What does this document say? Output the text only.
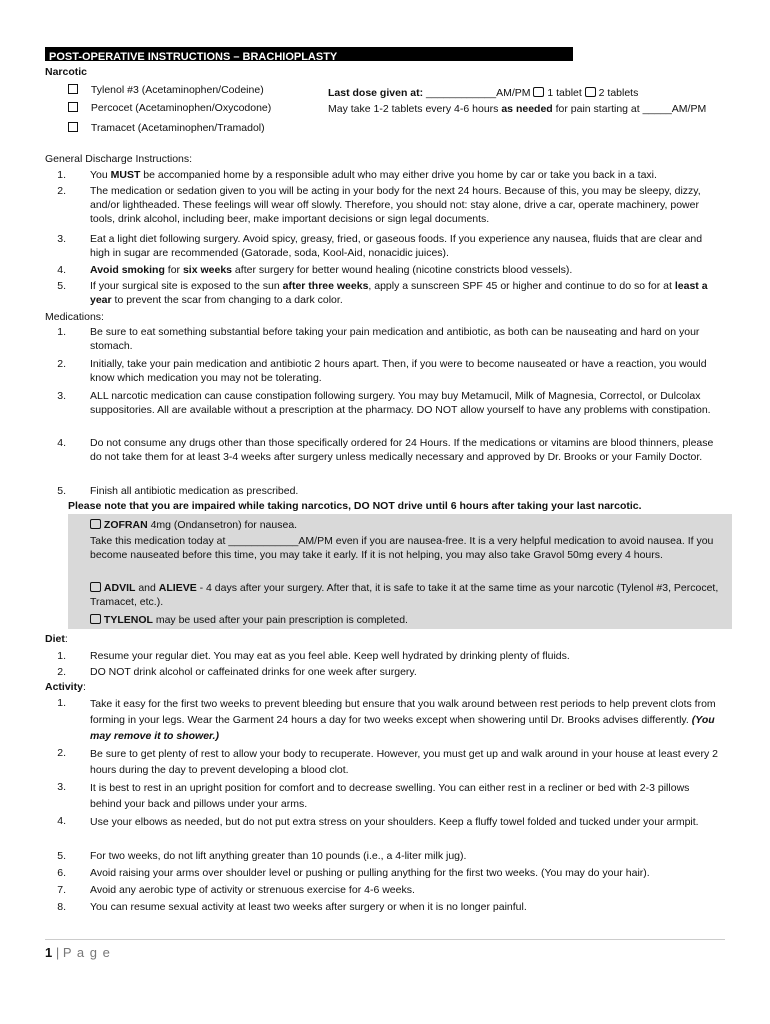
POST-OPERATIVE INSTRUCTIONS – BRACHIOPLASTY
Narcotic
Tylenol #3 (Acetaminophen/Codeine)
Percocet (Acetaminophen/Oxycodone)
Tramacet (Acetaminophen/Tramadol)
Last dose given at: ____________AM/PM  1 tablet 2 tablets
May take 1-2 tablets every 4-6 hours as needed for pain starting at _____AM/PM
General Discharge Instructions:
1. You MUST be accompanied home by a responsible adult who may either drive you home by car or take you back in a taxi.
2. The medication or sedation given to you will be acting in your body for the next 24 hours. Because of this, you may be sleepy, dizzy, and/or lightheaded. These feelings will wear off slowly. Therefore, you should not: stay alone, drive a car, operate machinery, power tools, drink alcohol, including beer, make important decisions or sign legal documents.
3. Eat a light diet following surgery. Avoid spicy, greasy, fried, or gaseous foods. If you experience any nausea, fluids that are clear and high in sugar are recommended (Gatorade, soda, Kool-Aid, nonacidic juices).
4. Avoid smoking for six weeks after surgery for better wound healing (nicotine constricts blood vessels).
5. If your surgical site is exposed to the sun after three weeks, apply a sunscreen SPF 45 or higher and continue to do so for at least a year to prevent the scar from changing to a dark color.
Medications:
1. Be sure to eat something substantial before taking your pain medication and antibiotic, as both can be nauseating and hard on your stomach.
2. Initially, take your pain medication and antibiotic 2 hours apart. Then, if you were to become nauseated or have a reaction, you would know which medication you may not be tolerating.
3. ALL narcotic medication can cause constipation following surgery. You may buy Metamucil, Milk of Magnesia, Correctol, or Dulcolax suppositories. All are available without a prescription at the pharmacy. DO NOT allow yourself to have any problems with constipation.
4. Do not consume any drugs other than those specifically ordered for 24 Hours. If the medications or vitamins are blood thinners, please do not take them for at least 3-4 weeks after surgery unless medically necessary and approved by Dr. Brooks or your Family Doctor.
5. Finish all antibiotic medication as prescribed.
Please note that you are impaired while taking narcotics, DO NOT drive until 6 hours after taking your last narcotic.
ZOFRAN 4mg (Ondansetron) for nausea.
Take this medication today at ____________AM/PM even if you are nausea-free. It is a very helpful medication to avoid nausea. If you become nauseated before this time, you may take it early. If it is not helping, you may also take Gravol 50mg every 4 hours.
ADVIL and ALIEVE - 4 days after your surgery. After that, it is safe to take it at the same time as your narcotic (Tylenol #3, Percocet, Tramacet, etc.).
TYLENOL may be used after your pain prescription is completed.
Diet:
1. Resume your regular diet. You may eat as you feel able. Keep well hydrated by drinking plenty of fluids.
2. DO NOT drink alcohol or caffeinated drinks for one week after surgery.
Activity:
1. Take it easy for the first two weeks to prevent bleeding but ensure that you walk around between rest periods to help prevent clots from forming in your legs. Wear the Garment 24 hours a day for two weeks except when showering until Dr. Brooks advises differently. (You may remove it to shower.)
2. Be sure to get plenty of rest to allow your body to recuperate. However, you must get up and walk around in your house at least every 2 hours during the day to prevent developing a blood clot.
3. It is best to rest in an upright position for comfort and to decrease swelling. You can either rest in a recliner or bed with 2-3 pillows behind your back and pillows under your arms.
4. Use your elbows as needed, but do not put extra stress on your shoulders. Keep a fluffy towel folded and tucked under your armpit.
5. For two weeks, do not lift anything greater than 10 pounds (i.e., a 4-liter milk jug).
6. Avoid raising your arms over shoulder level or pushing or pulling anything for the first two weeks. (You may do your hair).
7. Avoid any aerobic type of activity or strenuous exercise for 4-6 weeks.
8. You can resume sexual activity at least two weeks after surgery or when it is no longer painful.
1 | P a g e
